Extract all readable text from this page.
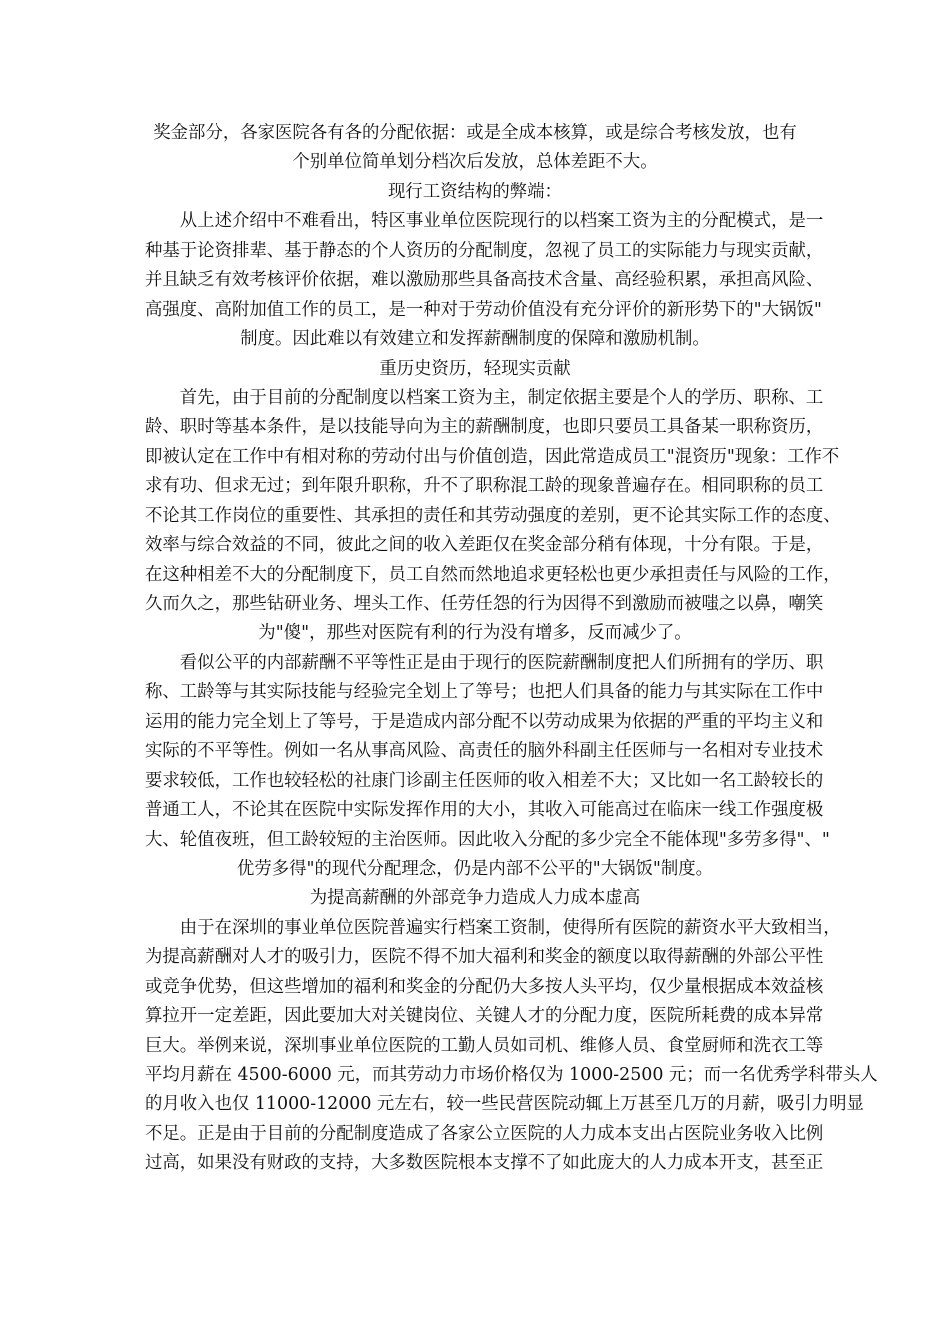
奖金部分，各家医院各有各的分配依据：或是全成本核算，或是综合考核发放，也有
个别单位简单划分档次后发放，总体差距不大。
现行工资结构的弊端：
　　从上述介绍中不难看出，特区事业单位医院现行的以档案工资为主的分配模式，是一
种基于论资排辈、基于静态的个人资历的分配制度，忽视了员工的实际能力与现实贡献，
并且缺乏有效考核评价依据，难以激励那些具备高技术含量、高经验积累，承担高风险、
高强度、高附加值工作的员工，是一种对于劳动价值没有充分评价的新形势下的"大锅饭"
制度。因此难以有效建立和发挥薪酬制度的保障和激励机制。
重历史资历，轻现实贡献
　　首先，由于目前的分配制度以档案工资为主，制定依据主要是个人的学历、职称、工
龄、职时等基本条件，是以技能导向为主的薪酬制度，也即只要员工具备某一职称资历，
即被认定在工作中有相对称的劳动付出与价值创造，因此常造成员工"混资历"现象：工作不
求有功、但求无过；到年限升职称，升不了职称混工龄的现象普遍存在。相同职称的员工
不论其工作岗位的重要性、其承担的责任和其劳动强度的差别，更不论其实际工作的态度、
效率与综合效益的不同，彼此之间的收入差距仅在奖金部分稍有体现，十分有限。于是，
在这种相差不大的分配制度下，员工自然而然地追求更轻松也更少承担责任与风险的工作，
久而久之，那些钻研业务、埋头工作、任劳任怨的行为因得不到激励而被嗤之以鼻，嘲笑
为"傻"，那些对医院有利的行为没有增多，反而减少了。
　　看似公平的内部薪酬不平等性正是由于现行的医院薪酬制度把人们所拥有的学历、职
称、工龄等与其实际技能与经验完全划上了等号；也把人们具备的能力与其实际在工作中
运用的能力完全划上了等号，于是造成内部分配不以劳动成果为依据的严重的平均主义和
实际的不平等性。例如一名从事高风险、高责任的脑外科副主任医师与一名相对专业技术
要求较低，工作也较轻松的社康门诊副主任医师的收入相差不大；又比如一名工龄较长的
普通工人，不论其在医院中实际发挥作用的大小，其收入可能高过在临床一线工作强度极
大、轮值夜班，但工龄较短的主治医师。因此收入分配的多少完全不能体现"多劳多得"、"
优劳多得"的现代分配理念，仍是内部不公平的"大锅饭"制度。
为提高薪酬的外部竞争力造成人力成本虚高
　　由于在深圳的事业单位医院普遍实行档案工资制，使得所有医院的薪资水平大致相当，
为提高薪酬对人才的吸引力，医院不得不加大福利和奖金的额度以取得薪酬的外部公平性
或竞争优势，但这些增加的福利和奖金的分配仍大多按人头平均，仅少量根据成本效益核
算拉开一定差距，因此要加大对关键岗位、关键人才的分配力度，医院所耗费的成本异常
巨大。举例来说，深圳事业单位医院的工勤人员如司机、维修人员、食堂厨师和洗衣工等
平均月薪在 4500-6000 元，而其劳动力市场价格仅为 1000-2500 元；而一名优秀学科带头人
的月收入也仅 11000-12000 元左右，较一些民营医院动辄上万甚至几万的月薪，吸引力明显
不足。正是由于目前的分配制度造成了各家公立医院的人力成本支出占医院业务收入比例
过高，如果没有财政的支持，大多数医院根本支撑不了如此庞大的人力成本开支，甚至正
